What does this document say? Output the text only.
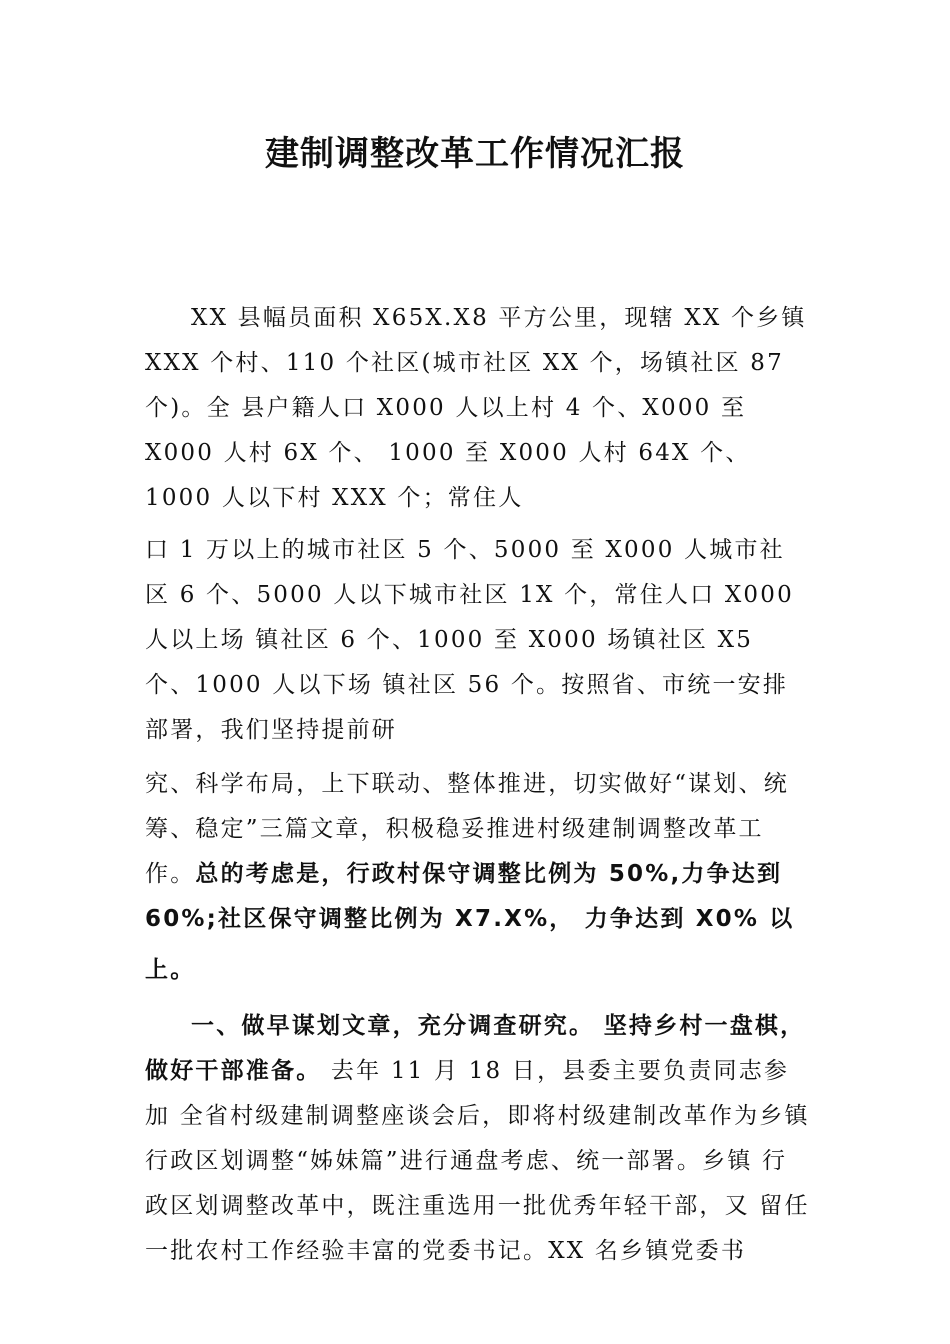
建制调整改革工作情况汇报

XX 县幅员面积 X65X.X8 平方公里，现辖 XX 个乡镇 XXX 个村、110 个社区(城市社区 XX 个，场镇社区 87 个)。全 县户籍人口 X000 人以上村 4 个、X000 至 X000 人村 6X 个、 1000 至 X000 人村 64X 个、1000 人以下村 XXX 个；常住人

口 1 万以上的城市社区 5 个、5000 至 X000 人城市社区 6 个、5000 人以下城市社区 1X 个，常住人口 X000 人以上场 镇社区 6 个、1000 至 X000 场镇社区 X5 个、1000 人以下场 镇社区 56 个。按照省、市统一安排部署，我们坚持提前研

究、科学布局，上下联动、整体推进，切实做好“谋划、统筹、稳定”三篇文章，积极稳妥推进村级建制调整改革工作。总的考虑是，行政村保守调整比例为 50%,力争达到 60%;社区保守调整比例为 X7.X%， 力争达到 X0% 以
上。

一、做早谋划文章，充分调查研究。 坚持乡村一盘棋，做好干部准备。 去年 11 月 18 日，县委主要负责同志参加 全省村级建制调整座谈会后，即将村级建制改革作为乡镇 行政区划调整“姊妹篇”进行通盘考虑、统一部署。乡镇 行政区划调整改革中，既注重选用一批优秀年轻干部，又 留任一批农村工作经验丰富的党委书记。XX 名乡镇党委书
